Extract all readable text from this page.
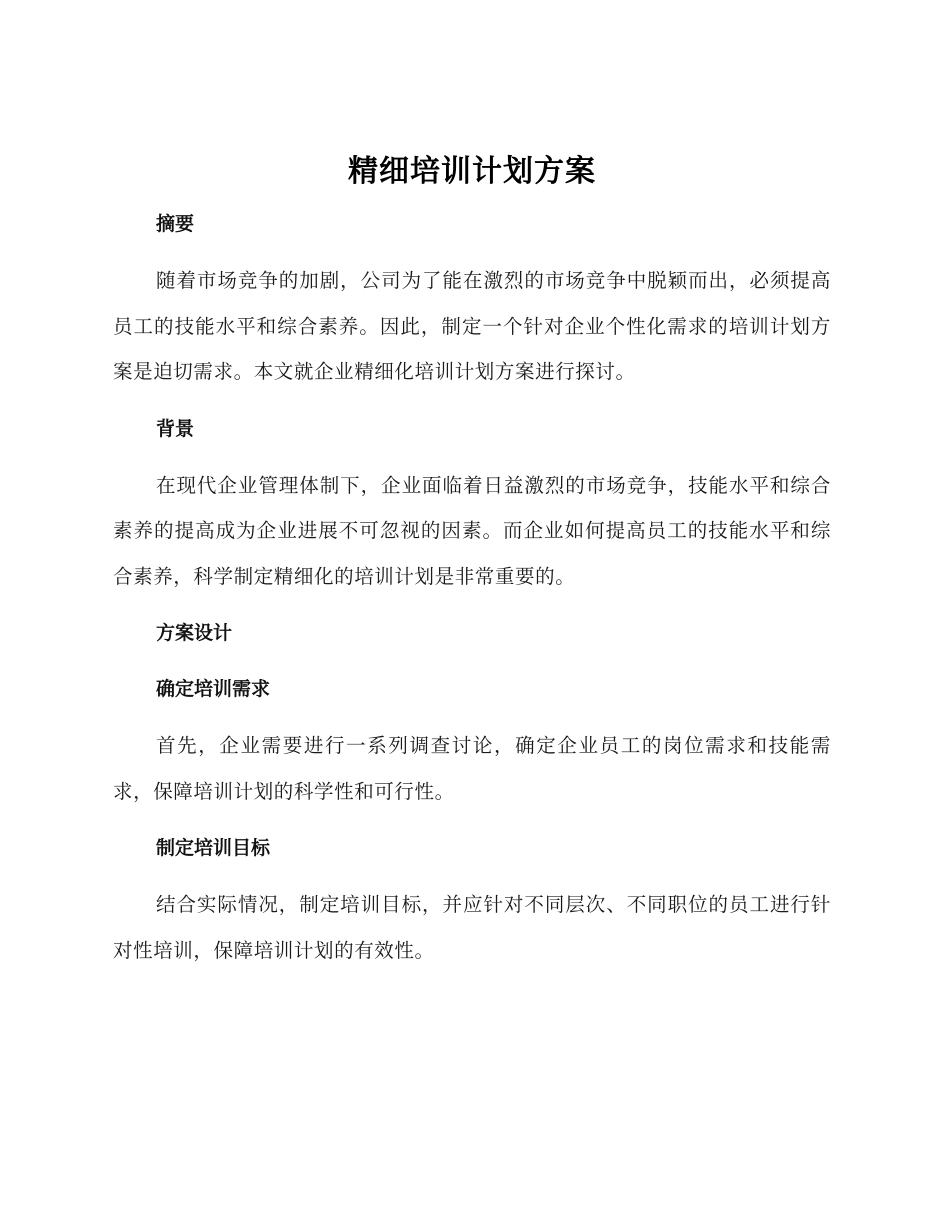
精细培训计划方案
摘要

随着市场竞争的加剧，公司为了能在激烈的市场竞争中脱颖而出，必须提高员工的技能水平和综合素养。因此，制定一个针对企业个性化需求的培训计划方案是迫切需求。本文就企业精细化培训计划方案进行探讨。

背景

在现代企业管理体制下，企业面临着日益激烈的市场竞争，技能水平和综合素养的提高成为企业进展不可忽视的因素。而企业如何提高员工的技能水平和综合素养，科学制定精细化的培训计划是非常重要的。

方案设计
确定培训需求

首先，企业需要进行一系列调查讨论，确定企业员工的岗位需求和技能需求，保障培训计划的科学性和可行性。

制定培训目标

结合实际情况，制定培训目标，并应针对不同层次、不同职位的员工进行针对性培训，保障培训计划的有效性。
